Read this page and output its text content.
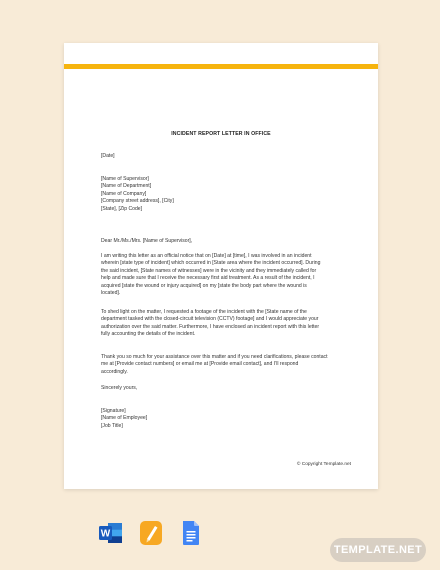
INCIDENT REPORT LETTER IN OFFICE

[Date]

[Name of Supervisor]
[Name of Department]
[Name of Company]
[Company street address], [City]
[State], [Zip Code]

Dear Mr./Ms./Mrs. [Name of Supervisor],

I am writing this letter as an official notice that on [Date] at [time], I was involved in an incident
wherein [state type of incident] which occurred in [State area where the incident occurred]. During
the said incident, [State names of witnesses] were in the vicinity and they immediately called for
help and made sure that I receive the necessary first aid treatment. As a result of the incident, I
acquired [state the wound or injury acquired] on my [state the body part where the wound is
located].

To shed light on the matter, I requested a footage of the incident with the [State name of the
department tasked with the closed-circuit television (CCTV) footage] and I would appreciate your
authorization over the said matter. Furthermore, I have enclosed an incident report with this letter
fully accounting the details of the incident.

Thank you so much for your assistance over this matter and if you need clarifications, please contact
me at [Provide contact numbers] or email me at [Provide email contact], and I’ll respond
accordingly.

Sincerely yours,

[Signature]
[Name of Employee]
[Job Title]

© Copyright Template.net

W
TEMPLATE.NET
